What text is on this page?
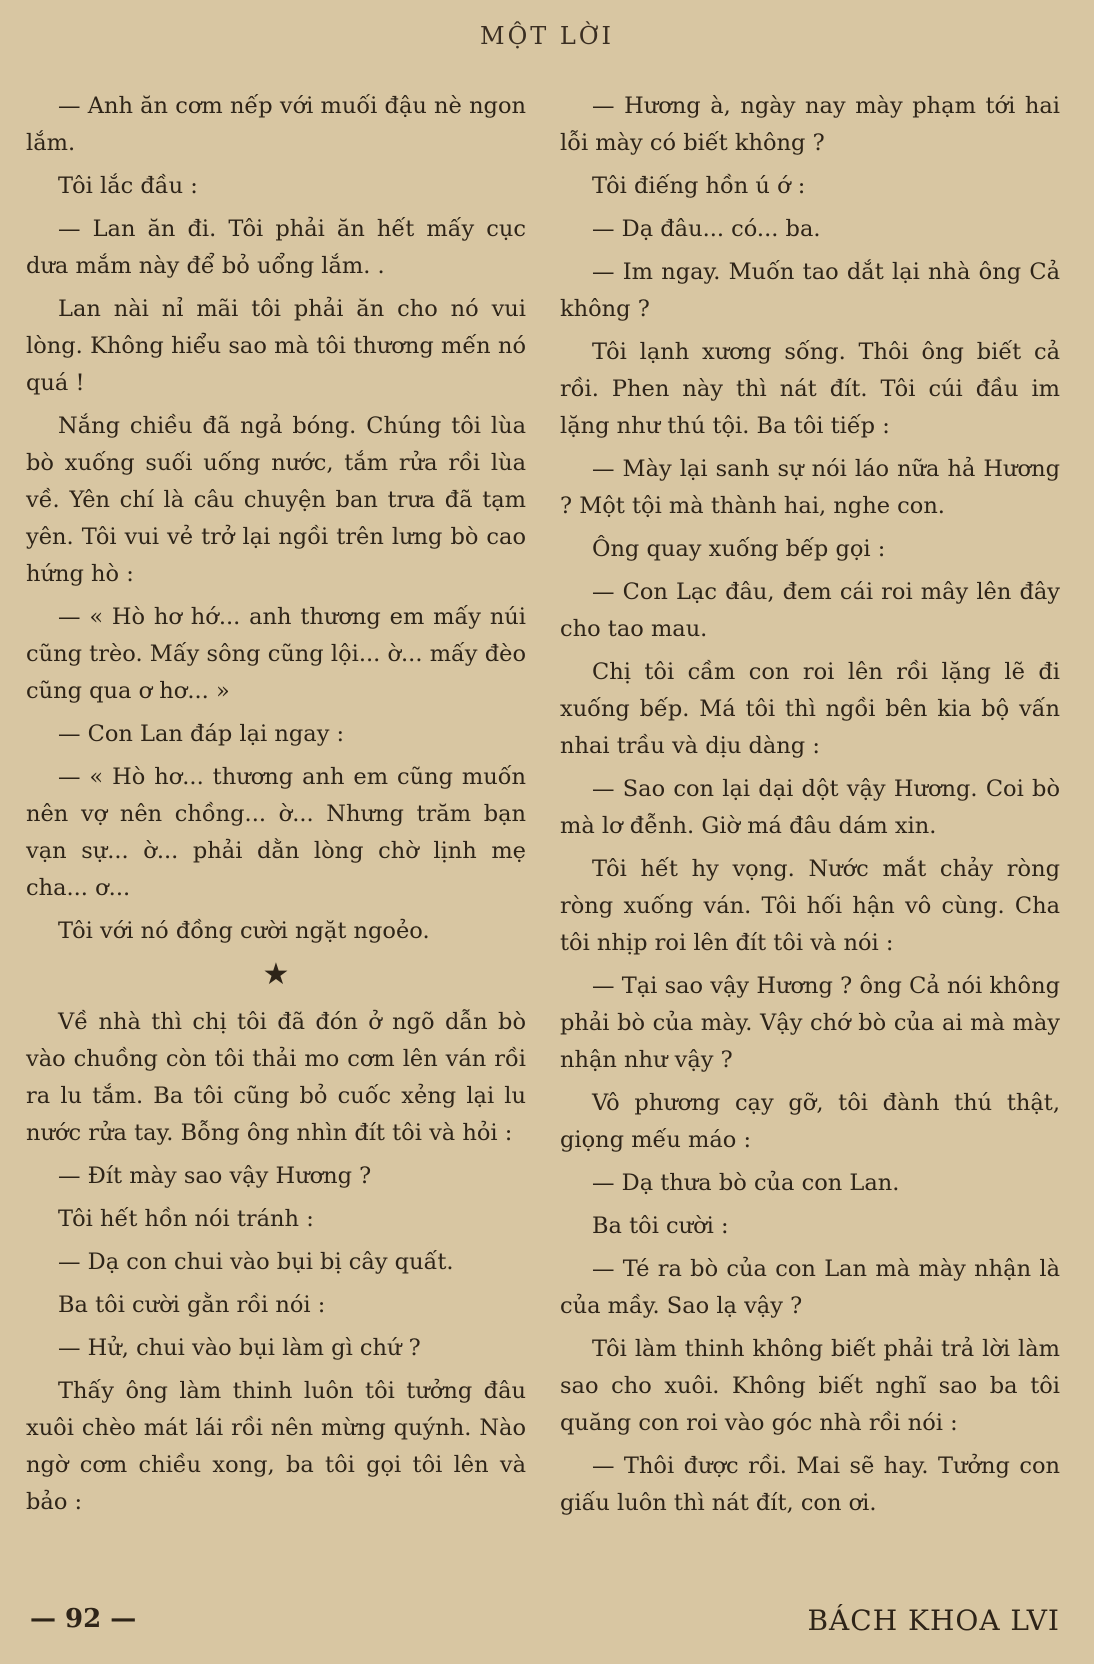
MỘT LỜI

— Anh ăn cơm nếp với muối đậu nè ngon lắm.

Tôi lắc đầu :

— Lan ăn đi. Tôi phải ăn hết mấy cục dưa mắm này để bỏ uổng lắm. .

Lan nài nỉ mãi tôi phải ăn cho nó vui lòng. Không hiểu sao mà tôi thương mến nó quá !

Nắng chiều đã ngả bóng. Chúng tôi lùa bò xuống suối uống nước, tắm rửa rồi lùa về. Yên chí là câu chuyện ban trưa đã tạm yên. Tôi vui vẻ trở lại ngồi trên lưng bò cao hứng hò :

— « Hò hơ hớ... anh thương em mấy núi cũng trèo. Mấy sông cũng lội... ờ... mấy đèo cũng qua ơ hơ... »

— Con Lan đáp lại ngay :

— « Hò hơ... thương anh em cũng muốn nên vợ nên chồng... ờ... Nhưng trăm bạn vạn sự... ờ... phải dằn lòng chờ lịnh mẹ cha... ơ...

Tôi với nó đồng cười ngặt ngoẻo.

★

Về nhà thì chị tôi đã đón ở ngõ dẫn bò vào chuồng còn tôi thải mo cơm lên ván rồi ra lu tắm. Ba tôi cũng bỏ cuốc xẻng lại lu nước rửa tay. Bỗng ông nhìn đít tôi và hỏi :

— Đít mày sao vậy Hương ?

Tôi hết hồn nói tránh :

— Dạ con chui vào bụi bị cây quất.

Ba tôi cười gằn rồi nói :

— Hử, chui vào bụi làm gì chứ ?

Thấy ông làm thinh luôn tôi tưởng đâu xuôi chèo mát lái rồi nên mừng quýnh. Nào ngờ cơm chiều xong, ba tôi gọi tôi lên và bảo :

— Hương à, ngày nay mày phạm tới hai lỗi mày có biết không ?

Tôi điếng hồn ú ớ :

— Dạ đâu... có... ba.

— Im ngay. Muốn tao dắt lại nhà ông Cả không ?

Tôi lạnh xương sống. Thôi ông biết cả rồi. Phen này thì nát đít. Tôi cúi đầu im lặng như thú tội. Ba tôi tiếp :

— Mày lại sanh sự nói láo nữa hả Hương ? Một tội mà thành hai, nghe con.

Ông quay xuống bếp gọi :

— Con Lạc đâu, đem cái roi mây lên đây cho tao mau.

Chị tôi cầm con roi lên rồi lặng lẽ đi xuống bếp. Má tôi thì ngồi bên kia bộ vấn nhai trầu và dịu dàng :

— Sao con lại dại dột vậy Hương. Coi bò mà lơ đễnh. Giờ má đâu dám xin.

Tôi hết hy vọng. Nước mắt chảy ròng ròng xuống ván. Tôi hối hận vô cùng. Cha tôi nhịp roi lên đít tôi và nói :

— Tại sao vậy Hương ? ông Cả nói không phải bò của mày. Vậy chớ bò của ai mà mày nhận như vậy ?

Vô phương cạy gỡ, tôi đành thú thật, giọng mếu máo :

— Dạ thưa bò của con Lan.

Ba tôi cười :

— Té ra bò của con Lan mà mày nhận là của mầy. Sao lạ vậy ?

Tôi làm thinh không biết phải trả lời làm sao cho xuôi. Không biết nghĩ sao ba tôi quăng con roi vào góc nhà rồi nói :

— Thôi được rồi. Mai sẽ hay. Tưởng con giấu luôn thì nát đít, con ơi.

— 92 —	BÁCH KHOA LVI
